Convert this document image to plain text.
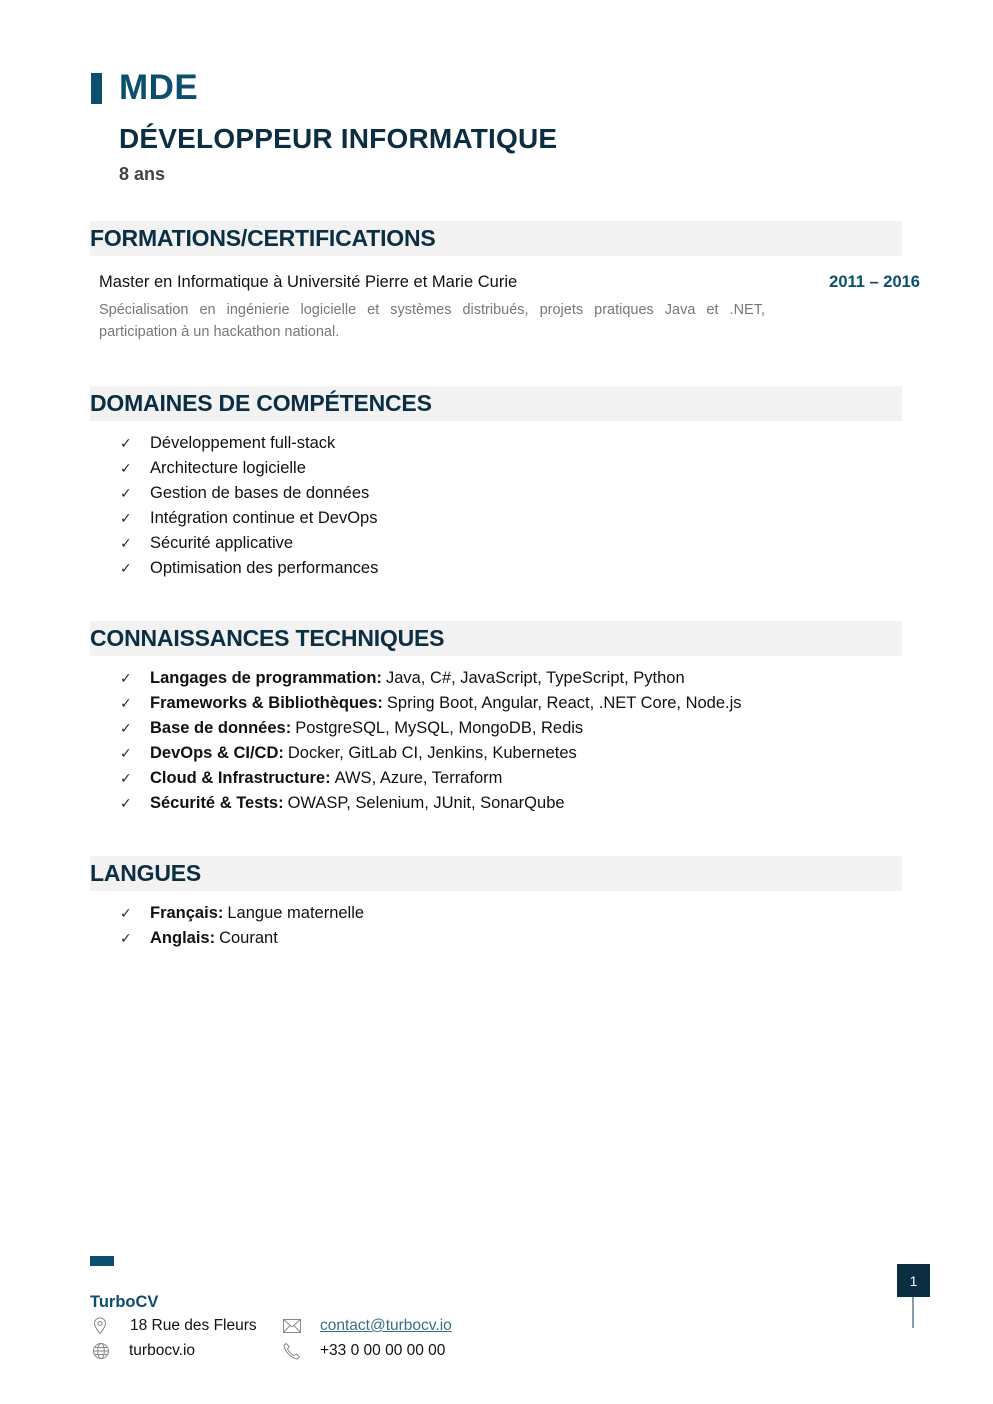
MDE
DÉVELOPPEUR INFORMATIQUE
8 ans
FORMATIONS/CERTIFICATIONS
Master en Informatique à Université Pierre et Marie Curie	2011 – 2016
Spécialisation en ingénierie logicielle et systèmes distribués, projets pratiques Java et .NET, participation à un hackathon national.
DOMAINES DE COMPÉTENCES
✓	Développement full-stack
✓	Architecture logicielle
✓	Gestion de bases de données
✓	Intégration continue et DevOps
✓	Sécurité applicative
✓	Optimisation des performances
CONNAISSANCES TECHNIQUES
✓	Langages de programmation: Java, C#, JavaScript, TypeScript, Python
✓	Frameworks & Bibliothèques: Spring Boot, Angular, React, .NET Core, Node.js
✓	Base de données: PostgreSQL, MySQL, MongoDB, Redis
✓	DevOps & CI/CD: Docker, GitLab CI, Jenkins, Kubernetes
✓	Cloud & Infrastructure: AWS, Azure, Terraform
✓	Sécurité & Tests: OWASP, Selenium, JUnit, SonarQube
LANGUES
✓	Français: Langue maternelle
✓	Anglais: Courant
TurboCV
18 Rue des Fleurs
turbocv.io
contact@turbocv.io
+33 0 00 00 00 00
1
